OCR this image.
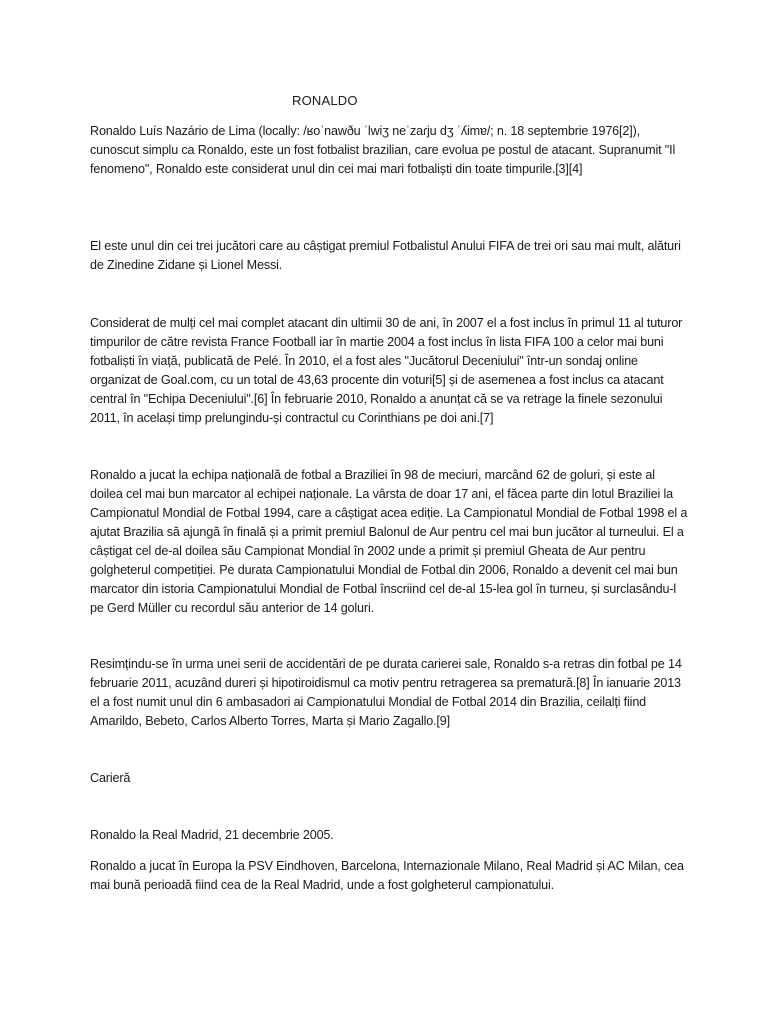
RONALDO

Ronaldo Luís Nazário de Lima (locally: /ʁoˈnawðu ˈlwiʒ neˈzaɾju dʒ ˈʎimɐ/; n. 18 septembrie 1976[2]), cunoscut simplu ca Ronaldo, este un fost fotbalist brazilian, care evolua pe postul de atacant. Supranumit "Il fenomeno", Ronaldo este considerat unul din cei mai mari fotbaliști din toate timpurile.[3][4]

El este unul din cei trei jucători care au câștigat premiul Fotbalistul Anului FIFA de trei ori sau mai mult, alături de Zinedine Zidane și Lionel Messi.

Considerat de mulți cel mai complet atacant din ultimii 30 de ani, în 2007 el a fost inclus în primul 11 al tuturor timpurilor de către revista France Football iar în martie 2004 a fost inclus în lista FIFA 100 a celor mai buni fotbaliști în viață, publicată de Pelé. În 2010, el a fost ales "Jucătorul Deceniului" într-un sondaj online organizat de Goal.com, cu un total de 43,63 procente din voturi[5] și de asemenea a fost inclus ca atacant central în "Echipa Deceniului".[6] În februarie 2010, Ronaldo a anunțat că se va retrage la finele sezonului 2011, în același timp prelungindu-și contractul cu Corinthians pe doi ani.[7]

Ronaldo a jucat la echipa națională de fotbal a Braziliei în 98 de meciuri, marcând 62 de goluri, și este al doilea cel mai bun marcator al echipei naționale. La vârsta de doar 17 ani, el făcea parte din lotul Braziliei la Campionatul Mondial de Fotbal 1994, care a câștigat acea ediție. La Campionatul Mondial de Fotbal 1998 el a ajutat Brazilia să ajungă în finală și a primit premiul Balonul de Aur pentru cel mai bun jucător al turneului. El a câștigat cel de-al doilea său Campionat Mondial în 2002 unde a primit și premiul Gheata de Aur pentru golgheterul competiției. Pe durata Campionatului Mondial de Fotbal din 2006, Ronaldo a devenit cel mai bun marcator din istoria Campionatului Mondial de Fotbal înscriind cel de-al 15-lea gol în turneu, și surclasându-l pe Gerd Müller cu recordul său anterior de 14 goluri.

Resimțindu-se în urma unei serii de accidentări de pe durata carierei sale, Ronaldo s-a retras din fotbal pe 14 februarie 2011, acuzând dureri și hipotiroidismul ca motiv pentru retragerea sa prematură.[8] În ianuarie 2013 el a fost numit unul din 6 ambasadori ai Campionatului Mondial de Fotbal 2014 din Brazilia, ceilalți fiind Amarildo, Bebeto, Carlos Alberto Torres, Marta și Mario Zagallo.[9]

Carieră

Ronaldo la Real Madrid, 21 decembrie 2005.

Ronaldo a jucat în Europa la PSV Eindhoven, Barcelona, Internazionale Milano, Real Madrid și AC Milan, cea mai bună perioadă fiind cea de la Real Madrid, unde a fost golgheterul campionatului.
